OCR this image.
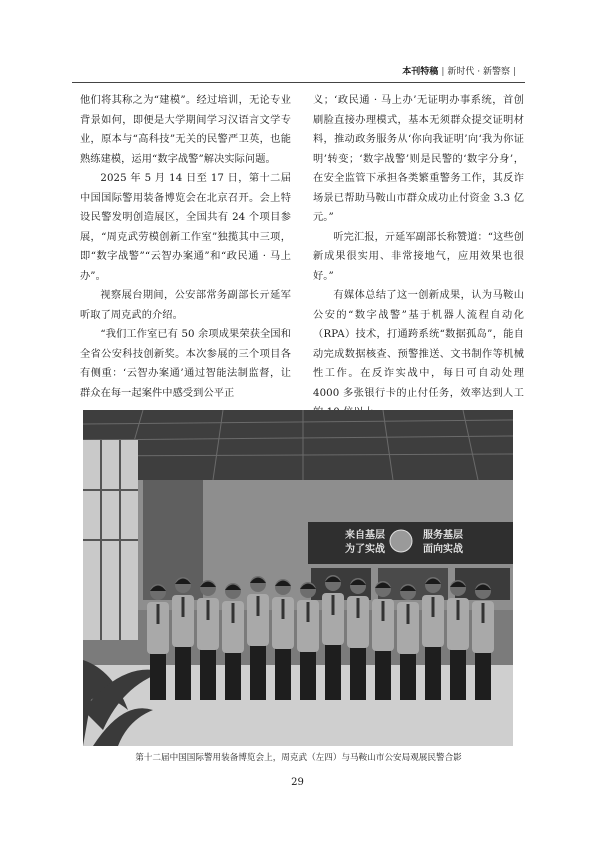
本刊特稿 | 新时代 · 新警察 |

他们将其称之为“建模”。经过培训，无论专业背景如何，即便是大学期间学习汉语言文学专业，原本与“高科技”无关的民警严卫英，也能熟练建模，运用“数字战警”解决实际问题。

2025 年 5 月 14 日至 17 日，第十二届中国国际警用装备博览会在北京召开。会上特设民警发明创造展区，全国共有 24 个项目参展，“周克武劳模创新工作室”独揽其中三项，即“数字战警”“云智办案通”和“政民通 · 马上办”。

视察展台期间，公安部常务副部长亓延军听取了周克武的介绍。

“我们工作室已有 50 余项成果荣获全国和全省公安科技创新奖。本次参展的三个项目各有侧重：‘云智办案通’通过智能法制监督，让群众在每一起案件中感受到公平正

义；‘政民通 · 马上办’无证明办事系统，首创刷脸直接办理模式，基本无须群众提交证明材料，推动政务服务从‘你向我证明’向‘我为你证明’转变；‘数字战警’则是民警的‘数字分身’，在安全监管下承担各类繁重警务工作，其反诈场景已帮助马鞍山市群众成功止付资金 3.3 亿元。”

听完汇报，亓延军副部长称赞道：“这些创新成果很实用、非常接地气，应用效果也很好。”

有媒体总结了这一创新成果，认为马鞍山公安的“数字战警”基于机器人流程自动化（RPA）技术，打通跨系统“数据孤岛”，能自动完成数据核查、预警推送、文书制作等机械性工作。在反诈实战中，每日可自动处理 4000 多张银行卡的止付任务，效率达到人工

来自基层
为了实战
服务基层
面向实战
第十二届中国国际警用装备博览会上，周克武（左四）与马鞍山市公安局观展民警合影
29
